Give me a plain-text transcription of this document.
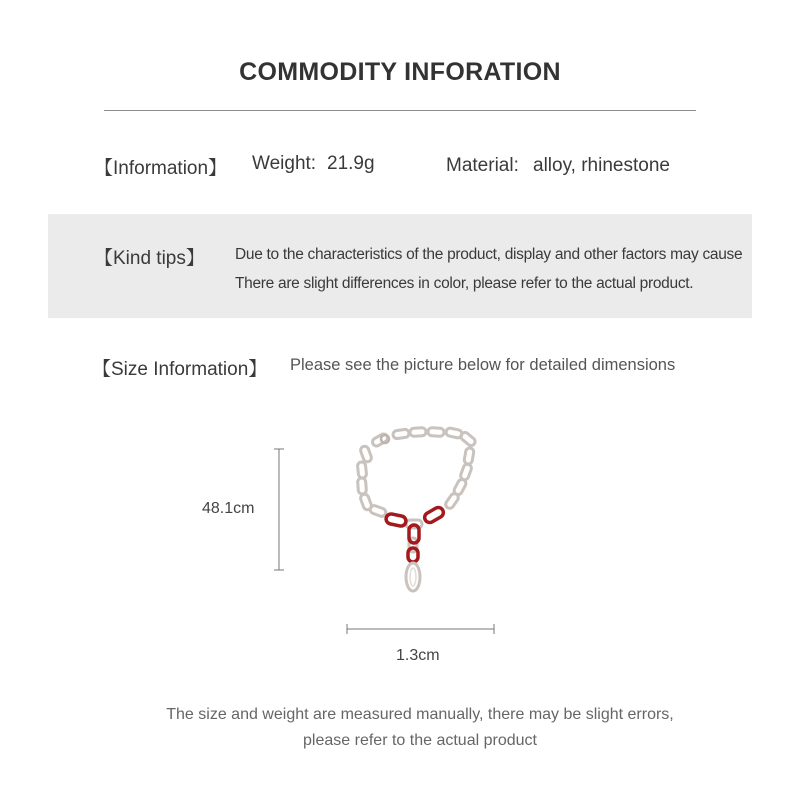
COMMODITY INFORATION
【Information】 Weight: 21.9g	Material: alloy, rhinestone
【Kind tips】 Due to the characteristics of the product, display and other factors may cause
There are slight differences in color, please refer to the actual product.
【Size Information】 Please see the picture below for detailed dimensions
48.1cm
1.3cm
The size and weight are measured manually, there may be slight errors,
please refer to the actual product
